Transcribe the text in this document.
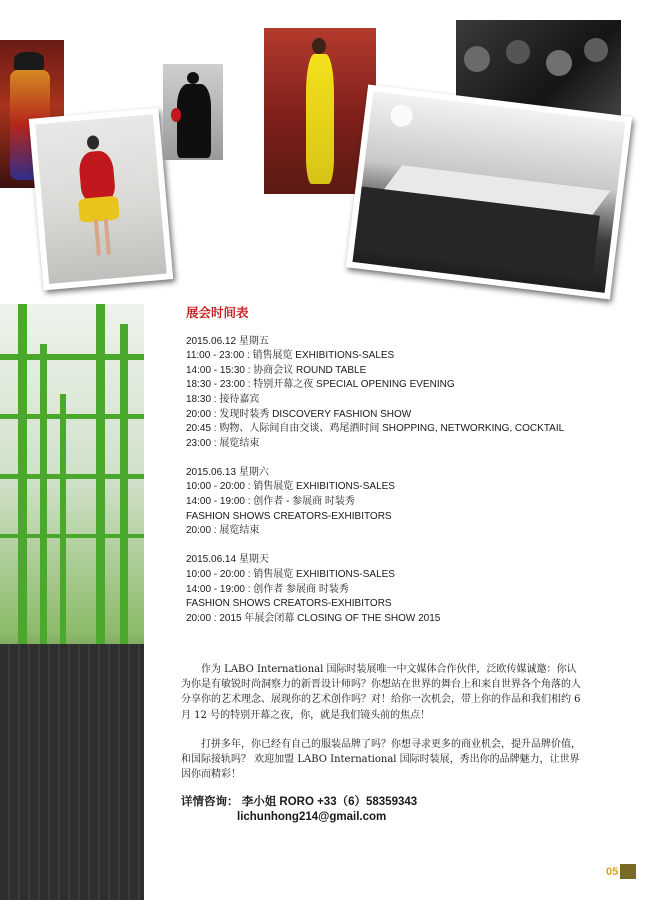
展会时间表
2015.06.12 星期五
11:00 - 23:00 : 销售展览 EXHIBITIONS-SALES
14:00 - 15:30 : 协商会议 ROUND TABLE
18:30 - 23:00 : 特别开幕之夜 SPECIAL OPENING EVENING
18:30 : 接待嘉宾
20:00 : 发现时装秀 DISCOVERY FASHION SHOW
20:45 : 购物、人际间自由交谈、鸡尾酒时间 SHOPPING, NETWORKING, COCKTAIL
23:00 : 展览结束
2015.06.13 星期六
10:00 - 20:00 : 销售展览 EXHIBITIONS-SALES
14:00 - 19:00 : 创作者 - 参展商 时装秀
FASHION SHOWS CREATORS-EXHIBITORS
20:00 : 展览结束
2015.06.14 星期天
10:00 - 20:00 : 销售展览 EXHIBITIONS-SALES
14:00 - 19:00 : 创作者 参展商 时装秀
FASHION SHOWS CREATORS-EXHIBITORS
20:00 : 2015 年展会闭幕 CLOSING OF THE SHOW 2015

作为 LABO International 国际时装展唯一中文媒体合作伙伴，泛欧传媒诚邀：你认为你是有敏锐时尚洞察力的新晋设计师吗？你想站在世界的舞台上和来自世界各个角落的人分享你的艺术理念、展现你的艺术创作吗？对！给你一次机会，带上你的作品和我们相约 6 月 12 号的特别开幕之夜，你，就是我们镜头前的焦点！

打拼多年，你已经有自己的服装品牌了吗？你想寻求更多的商业机会，提升品牌价值，和国际接轨吗？ 欢迎加盟 LABO International 国际时装展，秀出你的品牌魅力，让世界因你而精彩！

详情咨询： 李小姐 RORO +33（6）58359343
lichunhong214@gmail.com
05
